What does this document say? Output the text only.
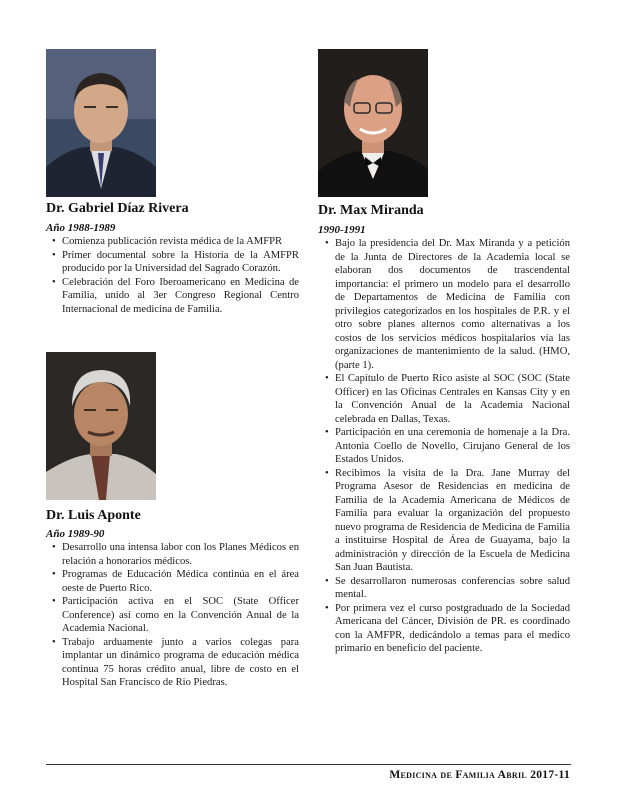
Dr. Gabriel Díaz Rivera

Año 1988-1989

• Comienza publicación revista médica de la AMFPR
• Primer documental sobre la Historia de la AMFPR producido por la Universidad del Sagrado Corazón.
• Celebración del Foro Iberoamericano en Medicina de Familia, unido al 3er Congreso Regional Centro Internacional de medicina de Familia.
Dr. Luis Aponte

Año 1989-90

• Desarrollo una intensa labor con los Planes Médicos en relación a honorarios médicos.
• Programas de Educación Médica continúa en el área oeste de Puerto Rico.
• Participación activa en el SOC (State Officer Conference) así como en la Convención Anual de la Academia Nacional.
• Trabajo arduamente junto a varios colegas para implantar un dinámico programa de educación médica continua 75 horas crédito anual, libre de costo en el Hospital San Francisco de Rio Piedras.
Dr. Max Miranda

1990-1991

• Bajo la presidencia del Dr. Max Miranda y a petición de la Junta de Directores de la Academia local se elaboran dos documentos de trascendental importancia: el primero un modelo para el desarrollo de Departamentos de Medicina de Familia con privilegios categorizados en los hospitales de P.R. y el otro sobre planes alternos como alternativas a los costos de los servicios médicos hospitalarios vía las organizaciones de mantenimiento de la salud. (HMO, (parte 1).
• El Capítulo de Puerto Rico asiste al SOC (SOC (State Officer) en las Oficinas Centrales en Kansas City y en la Convención Anual de la Academia Nacional celebrada en Dallas, Texas.
• Participación en una ceremonia de homenaje a la Dra. Antonia Coello de Novello, Cirujano General de los Estados Unidos.
• Recibimos la visita de la Dra. Jane Murray del Programa Asesor de Residencias en medicina de Familia de la Academia Americana de Médicos de Familia para evaluar la organización del propuesto nuevo programa de Residencia de Medicina de Familia a instituirse Hospital de Área de Guayama, bajo la administración y dirección de la Escuela de Medicina San Juan Bautista.
• Se desarrollaron numerosas conferencias sobre salud mental.
• Por primera vez el curso postgraduado de la Sociedad Americana del Cáncer, División de PR. es coordinado con la AMFPR, dedicándolo a temas para el medico primario en beneficio del paciente.
Medicina de Familia Abril 2017-11
